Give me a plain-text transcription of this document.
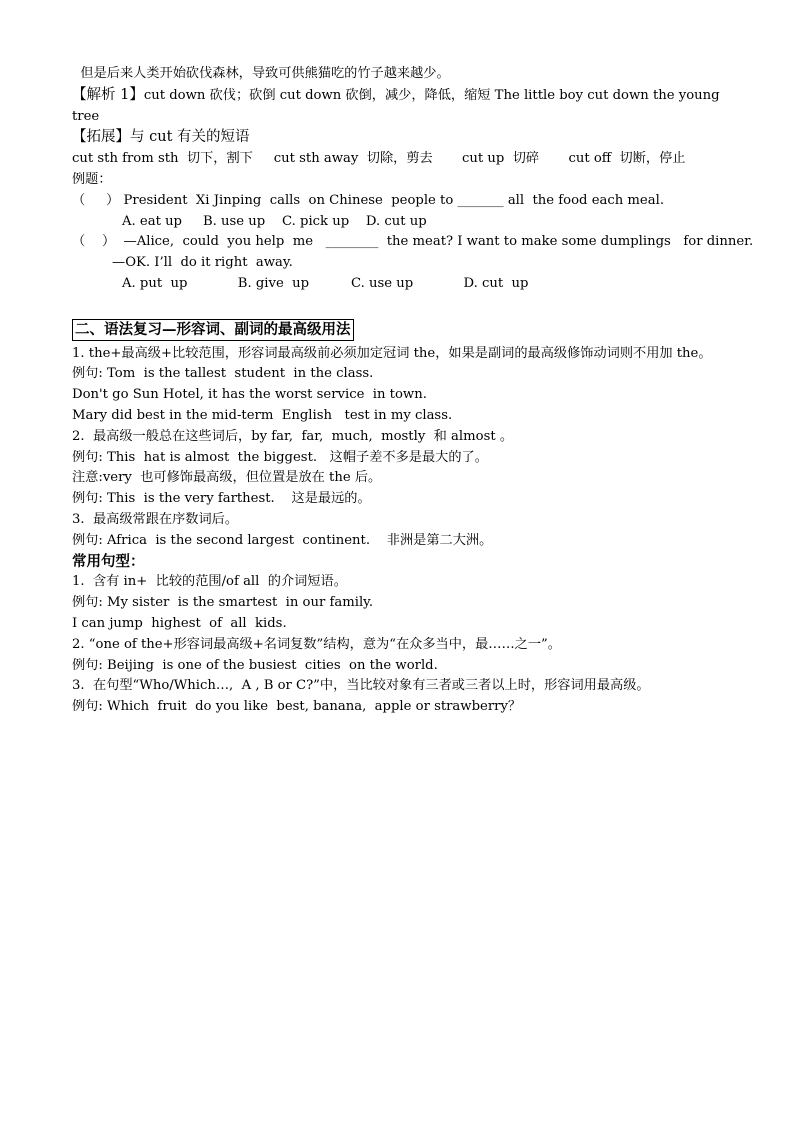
但是后来人类开始砍伐森林，导致可供熊猫吃的竹子越来越少。

【解析 1】cut down 砍伐；砍倒 cut down 砍倒，减少，降低，缩短 The little boy cut down the young tree

【拓展】与 cut 有关的短语

cut sth from sth  切下，割下     cut sth away  切除，剪去       cut up  切碎       cut off  切断，停止

例题：

（     ） President  Xi Jinping  calls  on Chinese  people to _______ all  the food each meal.

A. eat up     B. use up    C. pick up    D. cut up

（    ）  —Alice,  could  you help  me   ________  the meat? I want to make some dumplings   for dinner.

—OK. I’ll  do it right  away.

A. put  up            B. give  up          C. use up            D. cut  up

二、语法复习—形容词、副词的最高级用法

1. the+最高级+比较范围，形容词最高级前必须加定冠词 the，如果是副词的最高级修饰动词则不用加 the。

例句: Tom  is the tallest  student  in the class.

Don't go Sun Hotel, it has the worst service  in town.

Mary did best in the mid-term  English   test in my class.

2.  最高级一般总在这些词后，by far,  far,  much,  mostly  和 almost 。

例句: This  hat is almost  the biggest.   这帽子差不多是最大的了。

注意:very  也可修饰最高级，但位置是放在 the 后。

例句: This  is the very farthest.    这是最远的。

3.  最高级常跟在序数词后。

例句: Africa  is the second largest  continent.    非洲是第二大洲。

常用句型：

1.  含有 in+  比较的范围/of all  的介词短语。

例句: My sister  is the smartest  in our family.

I can jump  highest  of  all  kids.

2. “one of the+形容词最高级+名词复数”结构，意为“在众多当中，最……之一”。

例句: Beijing  is one of the busiest  cities  on the world.

3.  在句型“Who/Which…,  A , B or C?”中，当比较对象有三者或三者以上时，形容词用最高级。

例句: Which  fruit  do you like  best, banana,  apple or strawberry？
